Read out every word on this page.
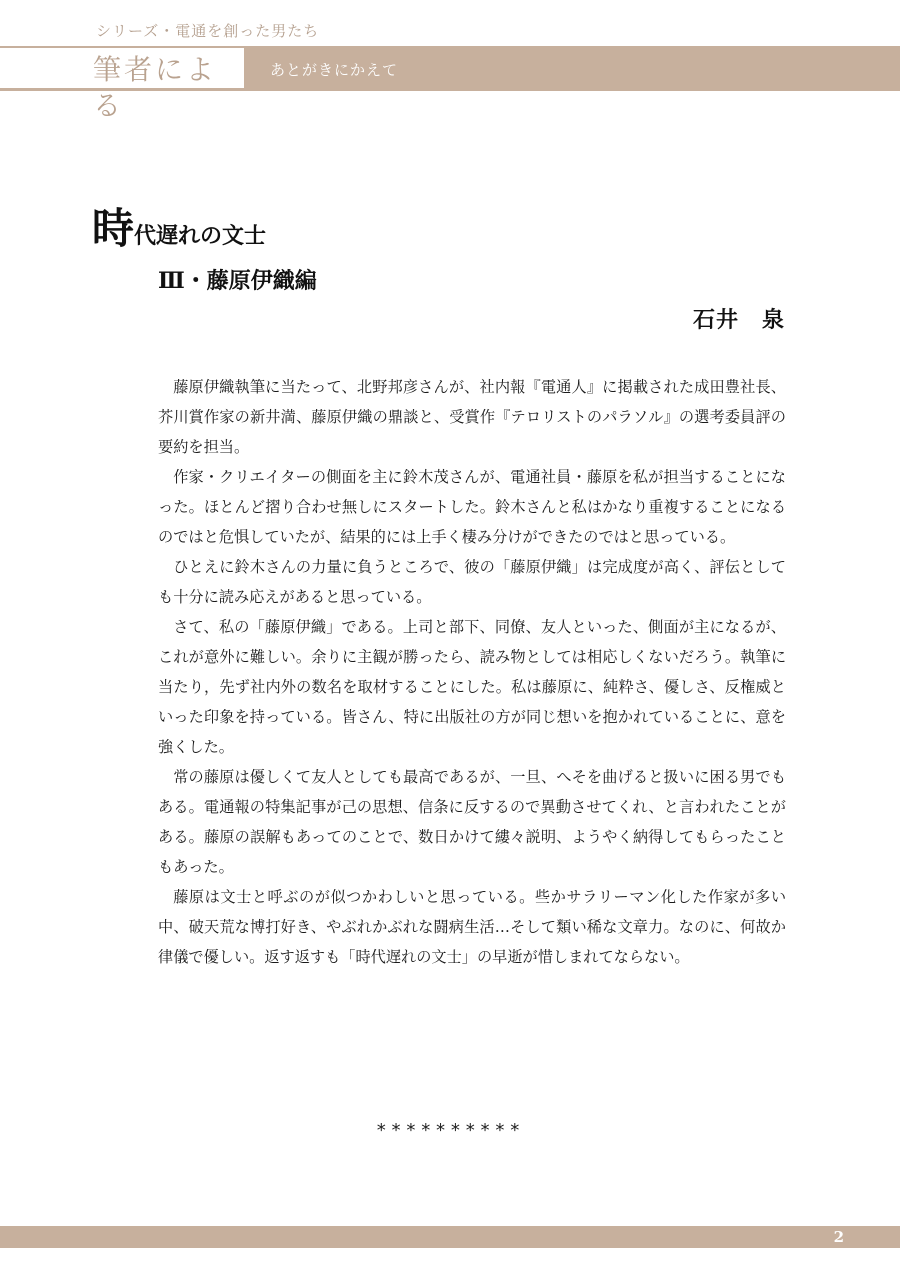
シリーズ・電通を創った男たち
筆者による
あとがきにかえて
時代遅れの文士
Ⅲ・藤原伊織編
石井　泉

藤原伊織執筆に当たって、北野邦彦さんが、社内報『電通人』に掲載された成田豊社長、芥川賞作家の新井満、藤原伊織の鼎談と、受賞作『テロリストのパラソル』の選考委員評の要約を担当。

作家・クリエイターの側面を主に鈴木茂さんが、電通社員・藤原を私が担当することになった。ほとんど摺り合わせ無しにスタートした。鈴木さんと私はかなり重複することになるのではと危惧していたが、結果的には上手く棲み分けができたのではと思っている。

ひとえに鈴木さんの力量に負うところで、彼の「藤原伊織」は完成度が高く、評伝としても十分に読み応えがあると思っている。

さて、私の「藤原伊織」である。上司と部下、同僚、友人といった、側面が主になるが、これが意外に難しい。余りに主観が勝ったら、読み物としては相応しくないだろう。執筆に当たり，先ず社内外の数名を取材することにした。私は藤原に、純粋さ、優しさ、反権威といった印象を持っている。皆さん、特に出版社の方が同じ想いを抱かれていることに、意を強くした。

常の藤原は優しくて友人としても最高であるが、一旦、へそを曲げると扱いに困る男でもある。電通報の特集記事が己の思想、信条に反するので異動させてくれ、と言われたことがある。藤原の誤解もあってのことで、数日かけて縷々説明、ようやく納得してもらったこともあった。

藤原は文士と呼ぶのが似つかわしいと思っている。些かサラリーマン化した作家が多い中、破天荒な博打好き、やぶれかぶれな闘病生活…そして類い稀な文章力。なのに、何故か律儀で優しい。返す返すも「時代遅れの文士」の早逝が惜しまれてならない。

**********
2
